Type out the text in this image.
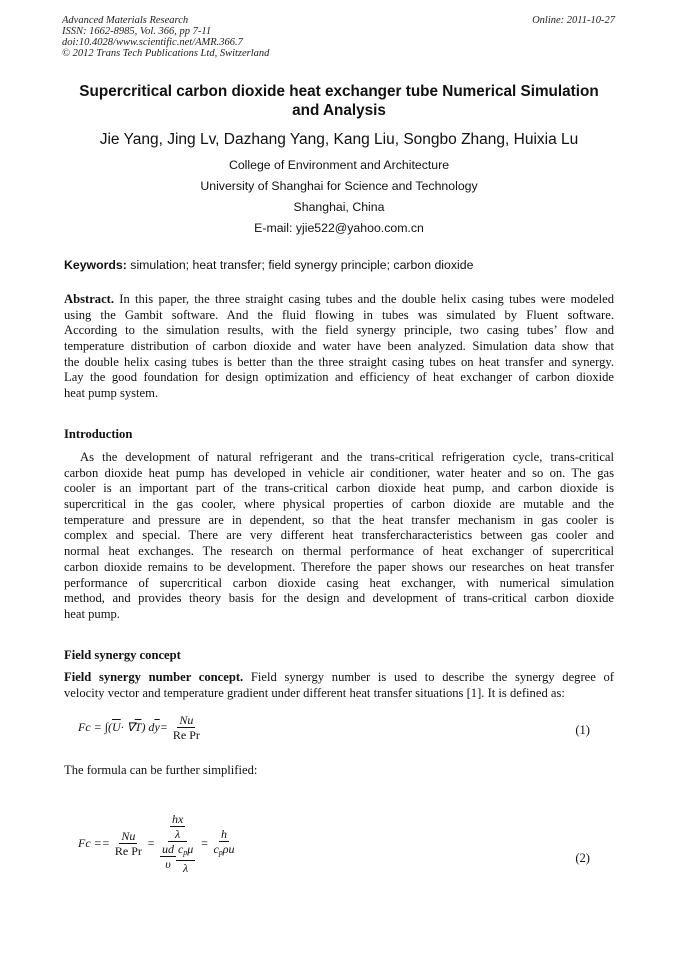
Advanced Materials Research
ISSN: 1662-8985, Vol. 366, pp 7-11
doi:10.4028/www.scientific.net/AMR.366.7
© 2012 Trans Tech Publications Ltd, Switzerland
Online: 2011-10-27
Supercritical carbon dioxide heat exchanger tube Numerical Simulation
and Analysis
Jie Yang, Jing Lv, Dazhang Yang, Kang Liu, Songbo Zhang, Huixia Lu
College of Environment and Architecture
University of Shanghai for Science and Technology
Shanghai, China
E-mail: yjie522@yahoo.com.cn
Keywords: simulation; heat transfer; field synergy principle; carbon dioxide
Abstract. In this paper, the three straight casing tubes and the double helix casing tubes were modeled
using the Gambit software. And the fluid flowing in tubes was simulated by Fluent software.
According to the simulation results, with the field synergy principle, two casing tubes’ flow and
temperature distribution of carbon dioxide and water have been analyzed. Simulation data show that
the double helix casing tubes is better than the three straight casing tubes on heat transfer and synergy.
Lay the good foundation for design optimization and efficiency of heat exchanger of carbon dioxide
heat pump system.
Introduction
As the development of natural refrigerant and the trans-critical refrigeration cycle, trans-critical
carbon dioxide heat pump has developed in vehicle air conditioner, water heater and so on. The gas
cooler is an important part of the trans-critical carbon dioxide heat pump, and carbon dioxide is
supercritical in the gas cooler, where physical properties of carbon dioxide are mutable and the
temperature and pressure are in dependent, so that the heat transfer mechanism in gas cooler is
complex and special. There are very different heat transfercharacteristics between gas cooler and
normal heat exchanges. The research on thermal performance of heat exchanger of supercritical
carbon dioxide remains to be development. Therefore the paper shows our researches on heat transfer
performance of supercritical carbon dioxide casing heat exchanger, with numerical simulation
method, and provides theory basis for the design and development of trans-critical carbon dioxide
heat pump.
Field synergy concept
Field synergy number concept. Field synergy number is used to describe the synergy degree of
velocity vector and temperature gradient under different heat transfer situations [1]. It is defined as:
Fc = ∫( $\overline{U}$ · ∇ $\overline{T}$ ) d $\overline{y} = \frac{Nu}{\text{Re Pr}}$	(1)
The formula can be further simplified:
$Fc == \frac{Nu}{\text{Re Pr}} = \frac{\frac{hx}{\lambda}}{\frac{ud}{\upsilon} \frac{c_p\mu}{\lambda}} = \frac{h}{c_p\rho u}$	(2)
